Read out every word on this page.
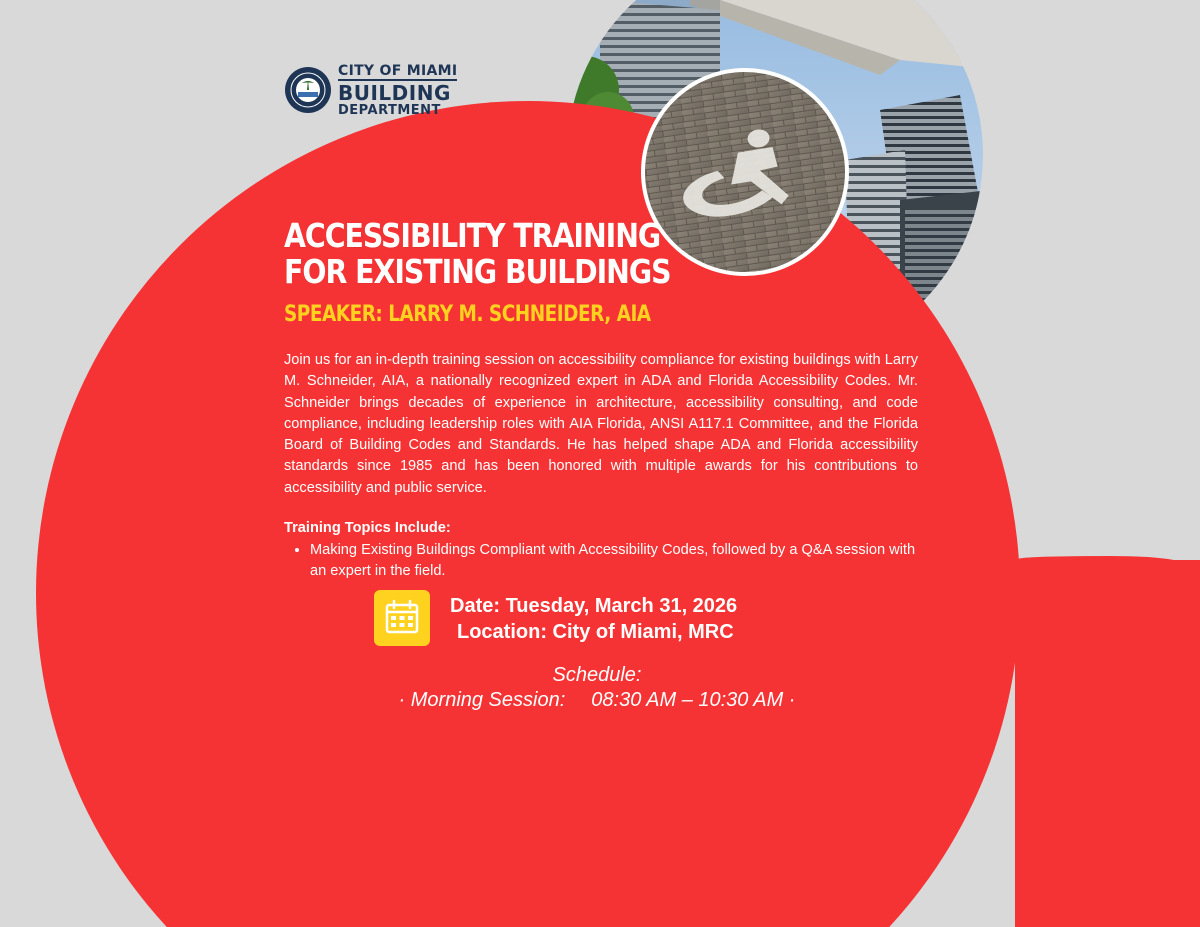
CITY OF MIAMI
BUILDING
DEPARTMENT
ACCESSIBILITY TRAINING
FOR EXISTING BUILDINGS
SPEAKER: LARRY M. SCHNEIDER, AIA

Join us for an in-depth training session on accessibility compliance for existing buildings with Larry M. Schneider, AIA, a nationally recognized expert in ADA and Florida Accessibility Codes. Mr. Schneider brings decades of experience in architecture, accessibility consulting, and code compliance, including leadership roles with AIA Florida, ANSI A117.1 Committee, and the Florida Board of Building Codes and Standards. He has helped shape ADA and Florida accessibility standards since 1985 and has been honored with multiple awards for his contributions to accessibility and public service.

Training Topics Include:
• Making Existing Buildings Compliant with Accessibility Codes, followed by a Q&A session with an expert in the field.
Date: Tuesday, March 31, 2026
Location: City of Miami, MRC
Schedule:
· Morning Session: 08:30 AM – 10:30 AM ·
